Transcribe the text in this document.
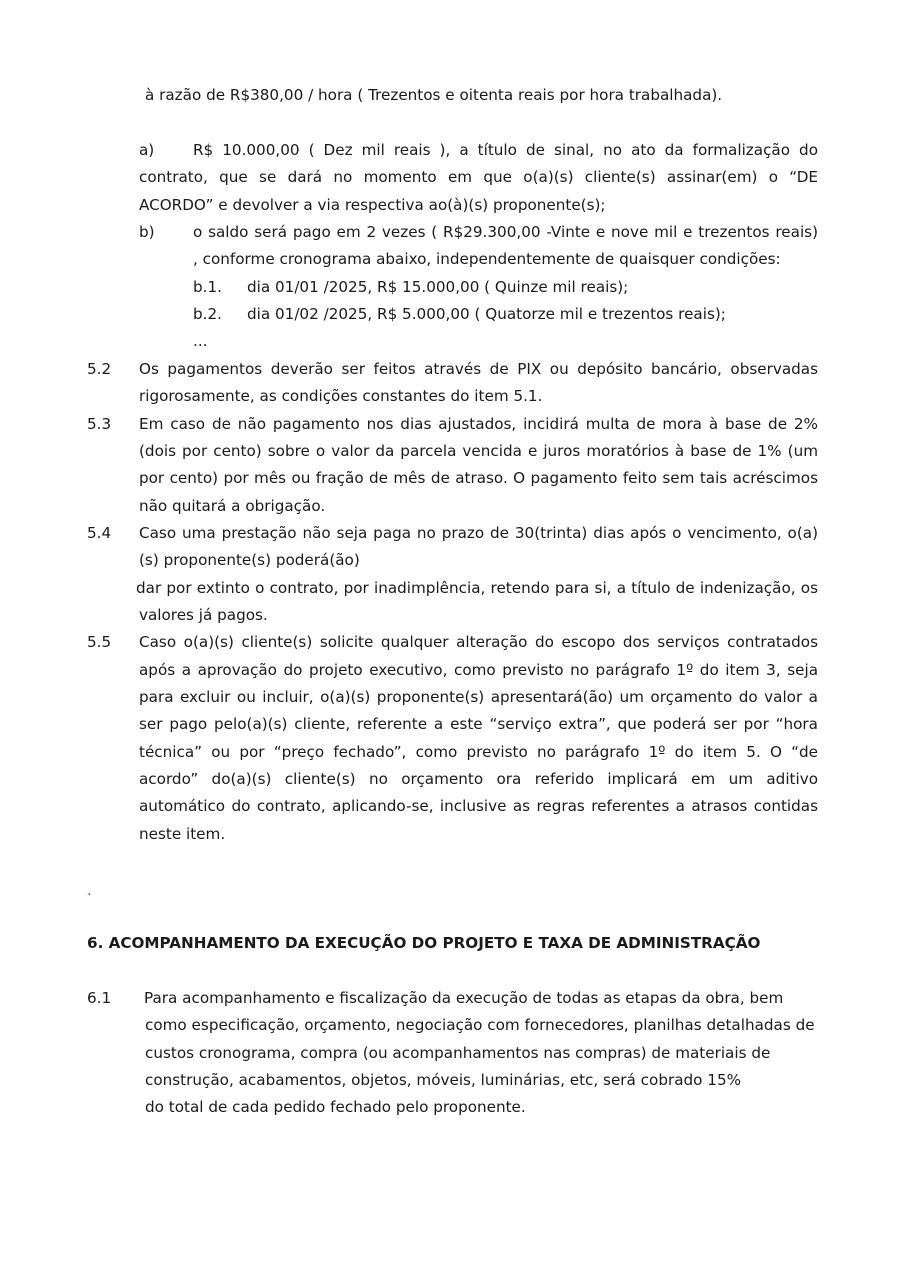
à razão de R$380,00 / hora ( Trezentos e oitenta reais por hora trabalhada).
a)	R$ 10.000,00 ( Dez mil reais ), a título de sinal, no ato da formalização do
contrato, que se dará no momento em que o(a)(s) cliente(s) assinar(em) o “DE
ACORDO” e devolver a via respectiva ao(à)(s) proponente(s);
b)	o saldo será pago em 2 vezes ( R$29.300,00 -Vinte e nove mil e trezentos reais)
, conforme cronograma abaixo, independentemente de quaisquer condições:
b.1. dia 01/01 /2025, R$ 15.000,00 ( Quinze mil reais);
b.2. dia 01/02 /2025, R$ 5.000,00 ( Quatorze mil e trezentos reais);
...
5.2 Os pagamentos deverão ser feitos através de PIX ou depósito bancário, observadas
rigorosamente, as condições constantes do item 5.1.
5.3 Em caso de não pagamento nos dias ajustados, incidirá multa de mora à base de 2%
(dois por cento) sobre o valor da parcela vencida e juros moratórios à base de 1% (um
por cento) por mês ou fração de mês de atraso. O pagamento feito sem tais acréscimos
não quitará a obrigação.
5.4 Caso uma prestação não seja paga no prazo de 30(trinta) dias após o vencimento, o(a)
(s) proponente(s) poderá(ão)
dar por extinto o contrato, por inadimplência, retendo para si, a título de indenização, os
valores já pagos.
5.5 Caso o(a)(s) cliente(s) solicite qualquer alteração do escopo dos serviços contratados
após a aprovação do projeto executivo, como previsto no parágrafo 1º do item 3, seja
para excluir ou incluir, o(a)(s) proponente(s) apresentará(ão) um orçamento do valor a
ser pago pelo(a)(s) cliente, referente a este “serviço extra”, que poderá ser por “hora
técnica” ou por “preço fechado”, como previsto no parágrafo 1º do item 5. O “de
acordo” do(a)(s) cliente(s) no orçamento ora referido implicará em um aditivo
automático do contrato, aplicando-se, inclusive as regras referentes a atrasos contidas
neste item.
.
6. ACOMPANHAMENTO DA EXECUÇÃO DO PROJETO E TAXA DE ADMINISTRAÇÃO
6.1 Para acompanhamento e fiscalização da execução de todas as etapas da obra, bem
como especificação, orçamento, negociação com fornecedores, planilhas detalhadas de
custos cronograma, compra (ou acompanhamentos nas compras) de materiais de
construção, acabamentos, objetos, móveis, luminárias, etc, será cobrado 15%
do total de cada pedido fechado pelo proponente.
